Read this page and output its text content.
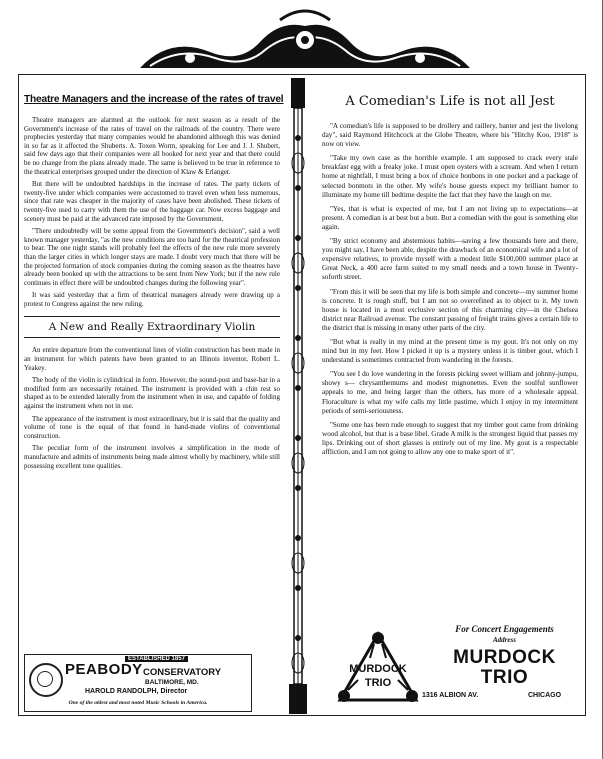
Theatre Managers and the increase of the rates of travel

Theatre managers are alarmed at the outlook for next season as a result of the Government's increase of the rates of travel on the railroads of the country. There were prophecies yesterday that many companies would be abandoned although this was denied in so far as it affected the Shuberts. A. Toxen Worm, speaking for Lee and J. J. Shubert, said few days ago that their companies were all booked for next year and that there could be no change from the plans already made. The same is believed to be true in reference to the theatrical enterprises grouped under the direction of Klaw & Erlanger.

But there will be undoubted hardships in the increase of rates. The party tickets of twenty-five under which companies were accustomed to travel even when less numerous, since that rate was cheaper in the majority of cases have been abolished. These tickets of twenty-five used to carry with them the use of the baggage car. Now excess baggage and scenery must be paid at the advanced rate imposed by the Government.

"There undoubtedly will be some appeal from the Government's decision", said a well known manager yesterday, "as the new conditions are too hard for the theatrical profession to bear. The one night stands will probably feel the effects of the new rule more severely than the larger cities in which longer stays are made. I doubt very much that there will be the projected formation of stock companies during the coming season as the theatres have already been booked up with the attractions to be sent from New York; but if the new rule continues in effect there will be undoubted changes during the following year".

It was said yesterday that a firm of theatrical managers already were drawing up a protest to Congress against the new ruling.

A New and Really Extraordinary Violin

An entire departure from the conventional lines of violin construction has been made in an instrument for which patents have been granted to an Illinois inventor, Robert L. Yeakey.

The body of the violin is cylindrical in form. However, the sound-post and base-bar in a modified form are necessarily retained. The instrument is provided with a chin rest so shaped as to be extended laterally from the instrument when in use, and capable of folding against the instrument when not in use.

The appearance of the instrument is most extraordinary, but it is said that the quality and volume of tone is the equal of that found in hand-made violins of conventional construction.

The peculiar form of the instrument involves a simplification in the mode of manufacture and admits of instruments being made almost wholly by machinery, while still possessing excellent tone qualities.

ESTABLISHED 1857
PEABODY CONSERVATORY
BALTIMORE, MD.
HAROLD RANDOLPH, Director
One of the oldest and most noted Music Schools in America.
A Comedian's Life is not all Jest

"A comedian's life is supposed to be drollery and raillery, banter and jest the livelong day", said Raymond Hitchcock at the Globe Theatre, where his "Hitchy Koo, 1918" is now on view.

"Take my own case as the horrible example. I am supposed to crack every stale breakfast egg with a freaky joke. I must open oysters with a scream. And when I return home at nightfall, I must bring a box of choice bonbons in one pocket and a package of selected bonmots in the other. My wife's house guests expect my brilliant humor to illuminate my home till bedtime despite the fact that they have the laugh on me.

"Yes, that is what is expected of me, but I am not living up to expectations—at present. A comedian is at best but a butt. But a comedian with the gout is something else again.

"By strict economy and abstemious habits—saving a few thousands here and there, you might say, I have been able, despite the drawback of an economical wife and a lot of expensive relatives, to provide myself with a modest little $100,000 summer place at Great Neck, a 400 acre farm suited to my small needs and a town house in Twenty-soforth street.

"From this it will be seen that my life is both simple and concrete—my summer home is concrete. It is rough stuff, but I am not so overrefined as to object to it. My town house is located in a most exclusive section of this charming city—in the Chelsea district near Railroad avenue. The constant passing of freight trains gives a certain life to the district that is missing in many other parts of the city.

"But what is really in my mind at the present time is my gout. It's not only on my mind but in my feet. How I picked it up is a mystery unless it is timber gout, which I understand is sometimes contracted from wandering in the forests.

"You see I do love wandering in the forests picking sweet william and johnny-jumpu, showy s— chrysanthemums and modest mignonettes. Even the soulful sunflower appeals to me, and being larger than the others, has more of a wholesale appeal. Floraculture is what my wife calls my little pastime, which I enjoy in my intermittent periods of semi-seriousness.

"Some one has been rude enough to suggest that my timber gout came from drinking wood alcohol, but that is a base libel. Grade A milk is the strongest liquid that passes my lips. Drinking out of short glasses is entirely out of my line. My gout is a respectable affliction, and I am not going to allow any one to make sport of it".

MURDOCK
TRIO
For Concert Engagements
Address
MURDOCK
TRIO
1316 ALBION AV.	CHICAGO
